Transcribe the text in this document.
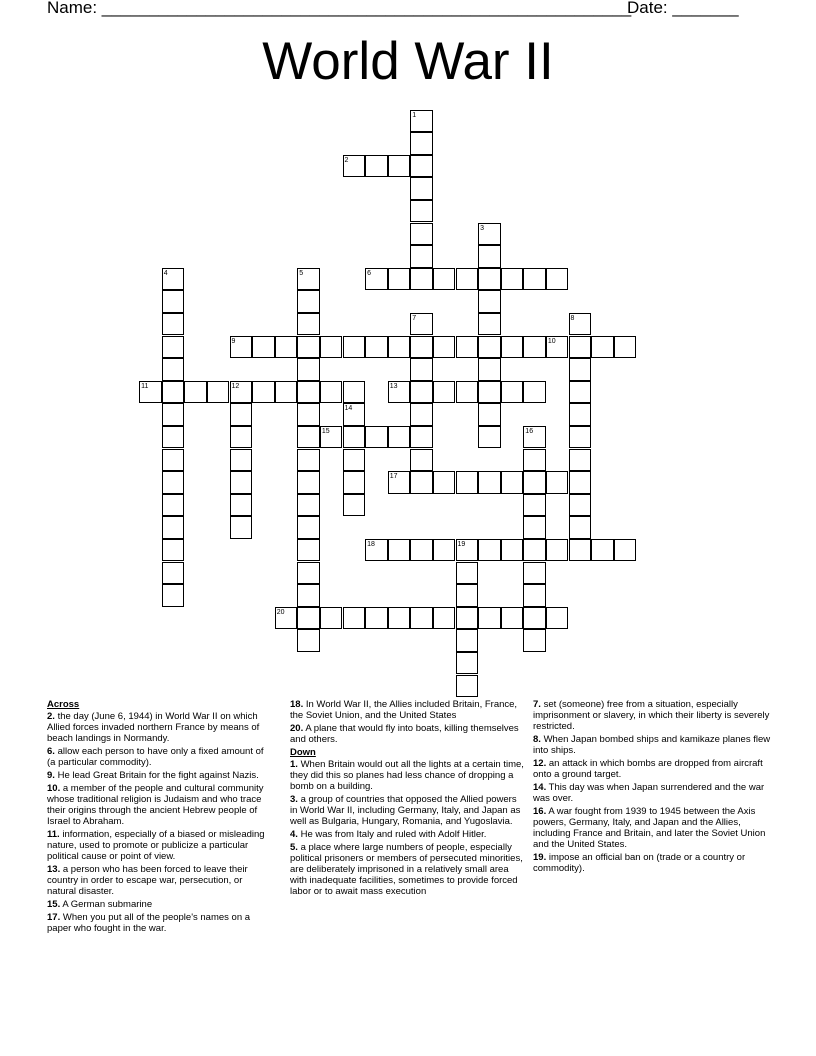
Name: ________________________________________________________
Date: _______
World War II
1
2
3
4	5	6
7	8
9	10
11	12	13
14
15	16
17
18	19
20
Across
2. the day (June 6, 1944) in World War II on which Allied forces invaded northern France by means of beach landings in Normandy.
6. allow each person to have only a fixed amount of (a particular commodity).
9. He lead Great Britain for the fight against Nazis.
10. a member of the people and cultural community whose traditional religion is Judaism and who trace their origins through the ancient Hebrew people of Israel to Abraham.
11. information, especially of a biased or misleading nature, used to promote or publicize a particular political cause or point of view.
13. a person who has been forced to leave their country in order to escape war, persecution, or natural disaster.
15. A German submarine
17. When you put all of the people's names on a paper who fought in the war.
18. In World War II, the Allies included Britain, France, the Soviet Union, and the United States
20. A plane that would fly into boats, killing themselves and others.
Down
1. When Britain would out all the lights at a certain time, they did this so planes had less chance of dropping a bomb on a building.
3. a group of countries that opposed the Allied powers in World War II, including Germany, Italy, and Japan as well as Bulgaria, Hungary, Romania, and Yugoslavia.
4. He was from Italy and ruled with Adolf Hitler.
5. a place where large numbers of people, especially political prisoners or members of persecuted minorities, are deliberately imprisoned in a relatively small area with inadequate facilities, sometimes to provide forced labor or to await mass execution
7. set (someone) free from a situation, especially imprisonment or slavery, in which their liberty is severely restricted.
8. When Japan bombed ships and kamikaze planes flew into ships.
12. an attack in which bombs are dropped from aircraft onto a ground target.
14. This day was when Japan surrendered and the war was over.
16. A war fought from 1939 to 1945 between the Axis powers, Germany, Italy, and Japan and the Allies, including France and Britain, and later the Soviet Union and the United States.
19. impose an official ban on (trade or a country or commodity).
